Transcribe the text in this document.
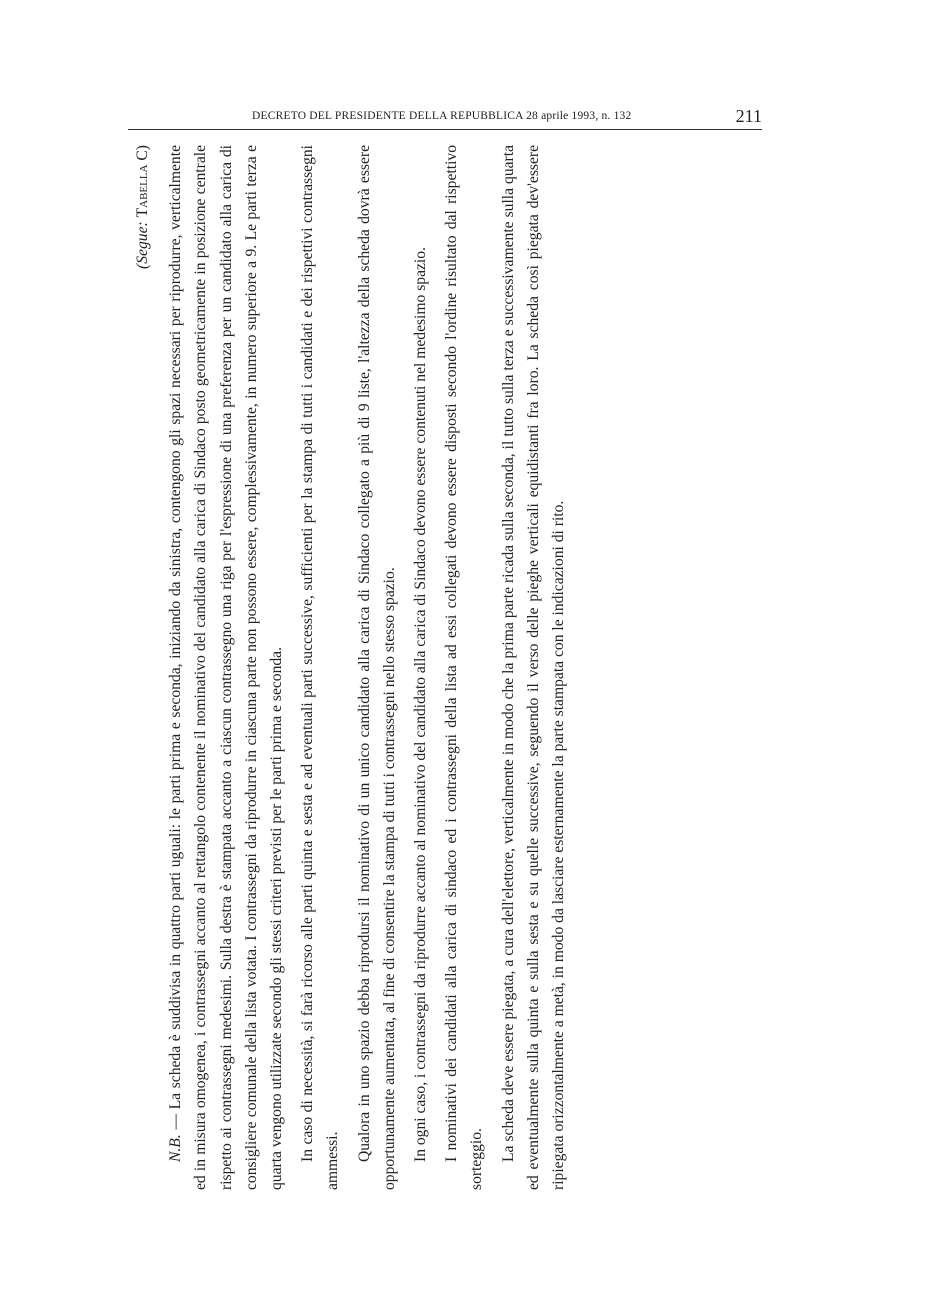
DECRETO DEL PRESIDENTE DELLA REPUBBLICA 28 aprile 1993, n. 132	211

(Segue: Tabella C)

N.B. — La scheda è suddivisa in quattro parti uguali: le parti prima e seconda, iniziando da sinistra, contengono gli spazi necessari per riprodurre, verticalmente ed in misura omogenea, i contrassegni accanto al rettangolo contenente il nominativo del candidato alla carica di Sindaco posto geometricamente in posizione centrale rispetto ai contrassegni medesimi. Sulla destra è stampata accanto a ciascun contrassegno una riga per l'espressione di una preferenza per un candidato alla carica di consigliere comunale della lista votata. I contrassegni da riprodurre in ciascuna parte non possono essere, complessivamente, in numero superiore a 9. Le parti terza e quarta vengono utilizzate secondo gli stessi criteri previsti per le parti prima e seconda. In caso di necessità, si farà ricorso alle parti quinta e sesta e ad eventuali parti successive, sufficienti per la stampa di tutti i candidati e dei rispettivi contrassegni ammessi. Qualora in uno spazio debba riprodursi il nominativo di un unico candidato alla carica di Sindaco collegato a più di 9 liste, l'altezza della scheda dovrà essere opportunamente aumentata, al fine di consentire la stampa di tutti i contrassegni nello stesso spazio. In ogni caso, i contrassegni da riprodurre accanto al nominativo del candidato alla carica di Sindaco devono essere contenuti nel medesimo spazio. I nominativi dei candidati alla carica di sindaco ed i contrassegni della lista ad essi collegati devono essere disposti secondo l'ordine risultato dal rispettivo sorteggio. La scheda deve essere piegata, a cura dell'elettore, verticalmente in modo che la prima parte ricada sulla seconda, il tutto sulla terza e successivamente sulla quarta ed eventualmente sulla quinta e sulla sesta e su quelle successive, seguendo il verso delle pieghe verticali equidistanti fra loro. La scheda così piegata dev'essere ripiegata orizzontalmente a metà, in modo da lasciare esternamente la parte stampata con le indicazioni di rito.
